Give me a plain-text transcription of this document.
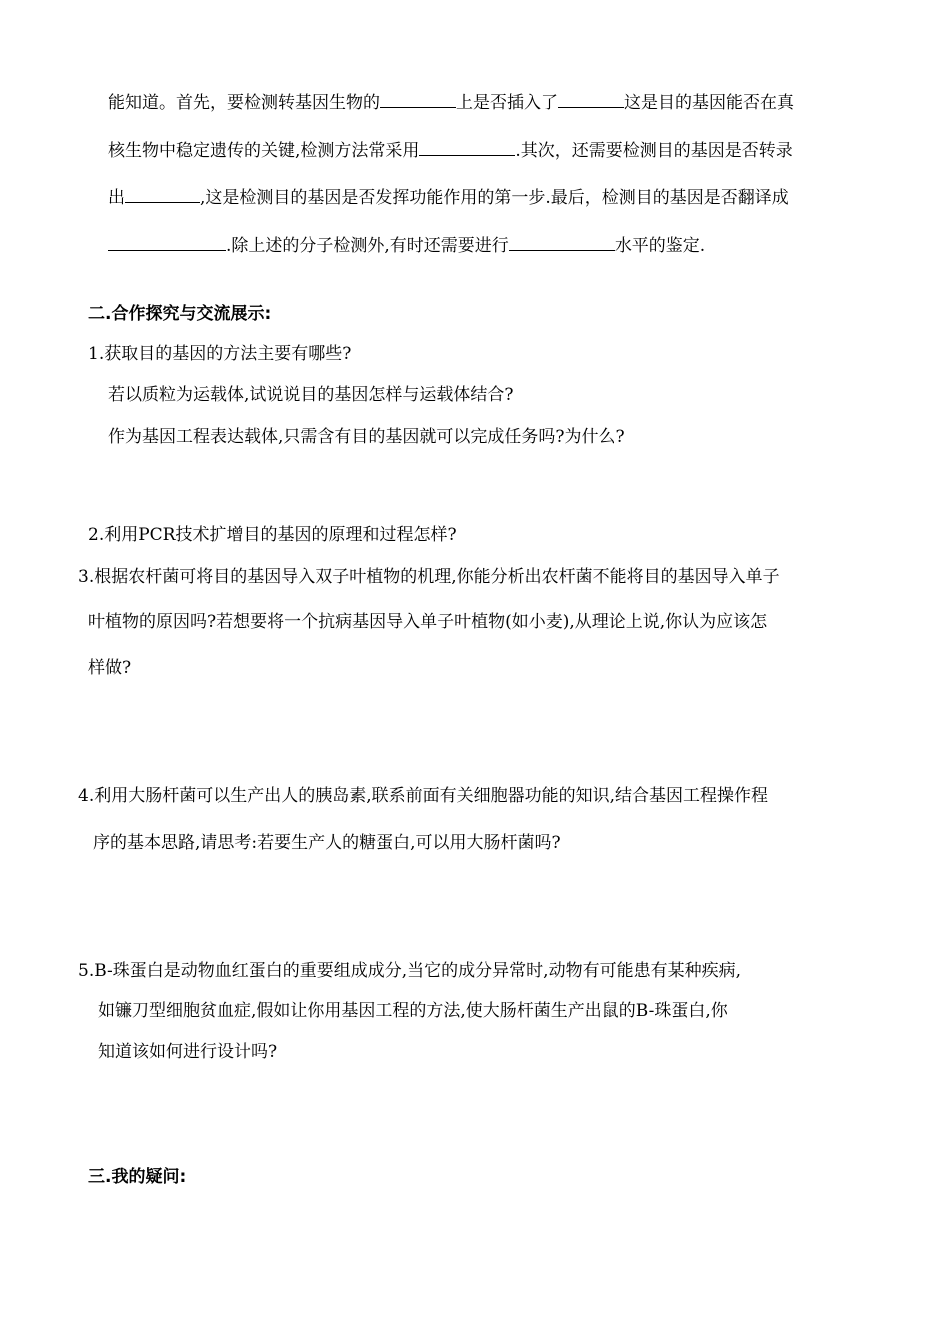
能知道。首先，要检测转基因生物的	上是否插入了	这是目的基因能否在真
核生物中稳定遗传的关键,检测方法常采用	.其次，还需要检测目的基因是否转录
出	,这是检测目的基因是否发挥功能作用的第一步.最后，检测目的基因是否翻译成
.除上述的分子检测外,有时还需要进行	水平的鉴定.
二.合作探究与交流展示:
1.获取目的基因的方法主要有哪些?
若以质粒为运载体,试说说目的基因怎样与运载体结合?
作为基因工程表达载体,只需含有目的基因就可以完成任务吗?为什么?
2.利用PCR技术扩增目的基因的原理和过程怎样?
3.根据农杆菌可将目的基因导入双子叶植物的机理,你能分析出农杆菌不能将目的基因导入单子
叶植物的原因吗?若想要将一个抗病基因导入单子叶植物(如小麦),从理论上说,你认为应该怎
样做?
4.利用大肠杆菌可以生产出人的胰岛素,联系前面有关细胞器功能的知识,结合基因工程操作程
序的基本思路,请思考:若要生产人的糖蛋白,可以用大肠杆菌吗?
5.B-珠蛋白是动物血红蛋白的重要组成成分,当它的成分异常时,动物有可能患有某种疾病,
如镰刀型细胞贫血症,假如让你用基因工程的方法,使大肠杆菌生产出鼠的B-珠蛋白,你
知道该如何进行设计吗?
三.我的疑问:
